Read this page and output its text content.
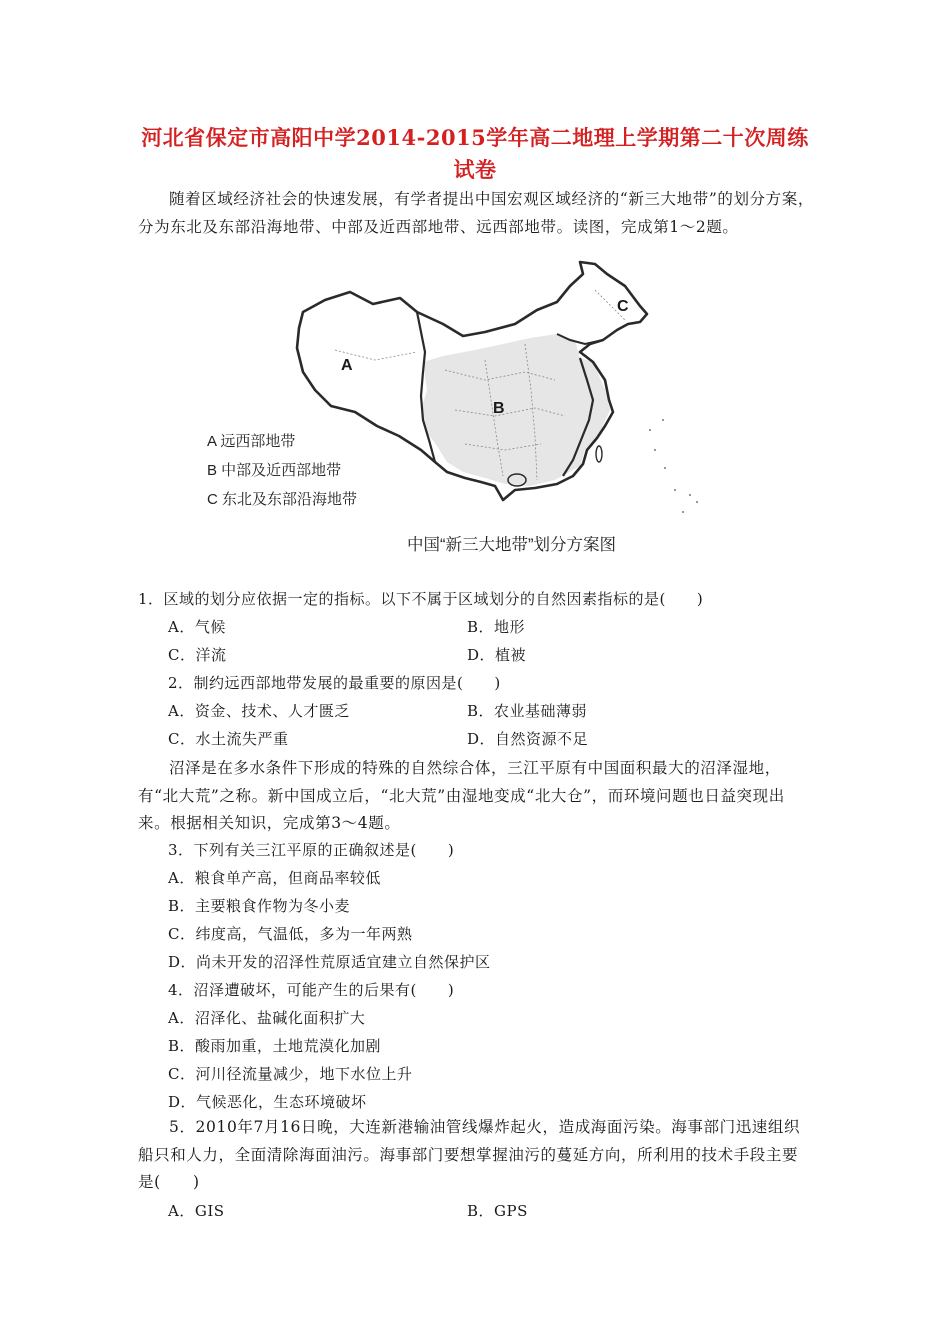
河北省保定市高阳中学2014-2015学年高二地理上学期第二十次周练
试卷
随着区域经济社会的快速发展，有学者提出中国宏观区域经济的“新三大地带”的划分方案，分为东北及东部沿海地带、中部及近西部地带、远西部地带。读图，完成第1～2题。
A
B
C
A 远西部地带
B 中部及近西部地带
C 东北及东部沿海地带
中国“新三大地带”划分方案图
1．区域的划分应依据一定的指标。以下不属于区域划分的自然因素指标的是(　　)
A．气候	B．地形
C．洋流	D．植被
2．制约远西部地带发展的最重要的原因是(　　)
A．资金、技术、人才匮乏	B．农业基础薄弱
C．水土流失严重	D．自然资源不足
沼泽是在多水条件下形成的特殊的自然综合体，三江平原有中国面积最大的沼泽湿地，有“北大荒”之称。新中国成立后，“北大荒”由湿地变成“北大仓”，而环境问题也日益突现出来。根据相关知识，完成第3～4题。
3．下列有关三江平原的正确叙述是(　　)
A．粮食单产高，但商品率较低
B．主要粮食作物为冬小麦
C．纬度高，气温低，多为一年两熟
D．尚未开发的沼泽性荒原适宜建立自然保护区
4．沼泽遭破坏，可能产生的后果有(　　)
A．沼泽化、盐碱化面积扩大
B．酸雨加重，土地荒漠化加剧
C．河川径流量减少，地下水位上升
D．气候恶化，生态环境破坏
5．2010年7月16日晚，大连新港输油管线爆炸起火，造成海面污染。海事部门迅速组织船只和人力，全面清除海面油污。海事部门要想掌握油污的蔓延方向，所利用的技术手段主要是(　　)
A．GIS	B．GPS
